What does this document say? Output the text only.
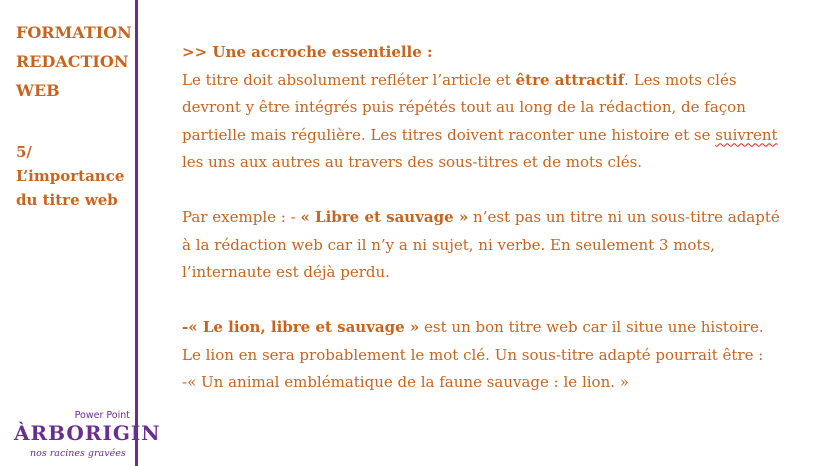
FORMATION
REDACTION
WEB

5/
L’importance du titre web

Power Point
ÀRBORIGIN
nos racines gravées

>> Une accroche essentielle :
Le titre doit absolument refléter l’article et être attractif. Les mots clés devront y être intégrés puis répétés tout au long de la rédaction, de façon partielle mais régulière. Les titres doivent raconter une histoire et se suivrent les uns aux autres au travers des sous-titres et de mots clés.

Par exemple : - « Libre et sauvage » n’est pas un titre ni un sous-titre adapté à la rédaction web car il n’y a ni sujet, ni verbe. En seulement 3 mots, l’internaute est déjà perdu.

-« Le lion, libre et sauvage » est un bon titre web car il situe une histoire. Le lion en sera probablement le mot clé. Un sous-titre adapté pourrait être : -« Un animal emblématique de la faune sauvage : le lion. »
